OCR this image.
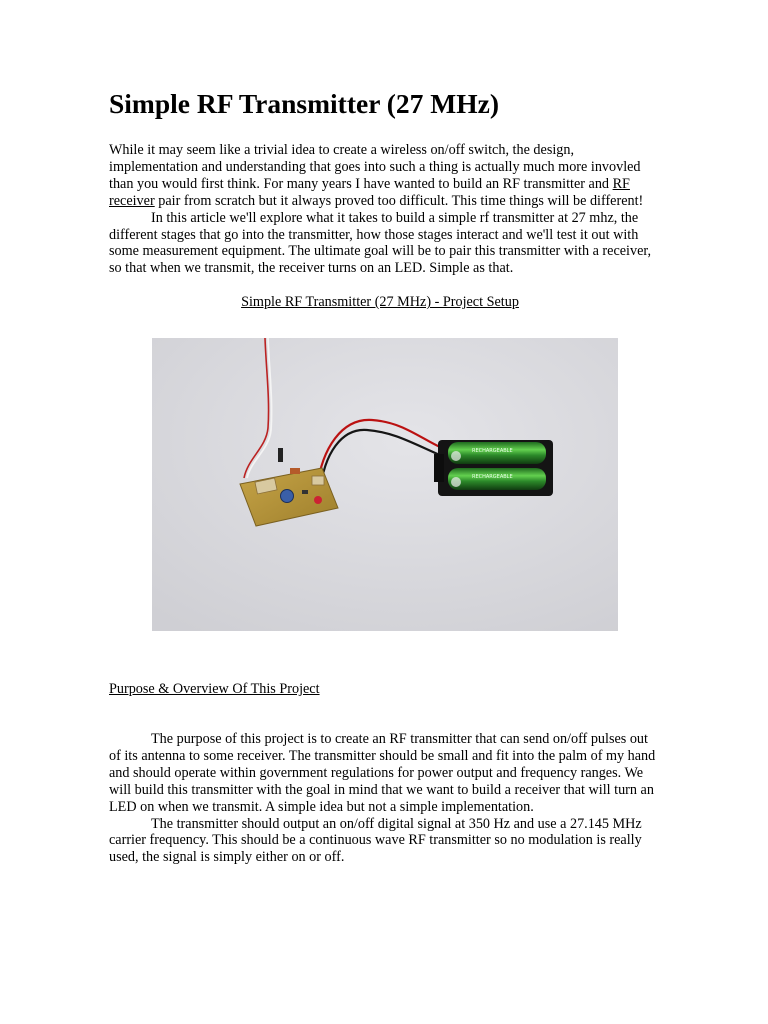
Simple RF Transmitter (27 MHz)

While it may seem like a trivial idea to create a wireless on/off switch, the design, implementation and understanding that goes into such a thing is actually much more invovled than you would first think. For many years I have wanted to build an RF transmitter and RF receiver pair from scratch but it always proved too difficult. This time things will be different!

In this article we'll explore what it takes to build a simple rf transmitter at 27 mhz, the different stages that go into the transmitter, how those stages interact and we'll test it out with some measurement equipment. The ultimate goal will be to pair this transmitter with a receiver, so that when we transmit, the receiver turns on an LED. Simple as that.

Simple RF Transmitter (27 MHz) - Project Setup
RECHARGEABLE
RECHARGEABLE
Purpose & Overview Of This Project

The purpose of this project is to create an RF transmitter that can send on/off pulses out of its antenna to some receiver. The transmitter should be small and fit into the palm of my hand and should operate within government regulations for power output and frequency ranges. We will build this transmitter with the goal in mind that we want to build a receiver that will turn an LED on when we transmit. A simple idea but not a simple implementation.

The transmitter should output an on/off digital signal at 350 Hz and use a 27.145 MHz carrier frequency. This should be a continuous wave RF transmitter so no modulation is really used, the signal is simply either on or off.
